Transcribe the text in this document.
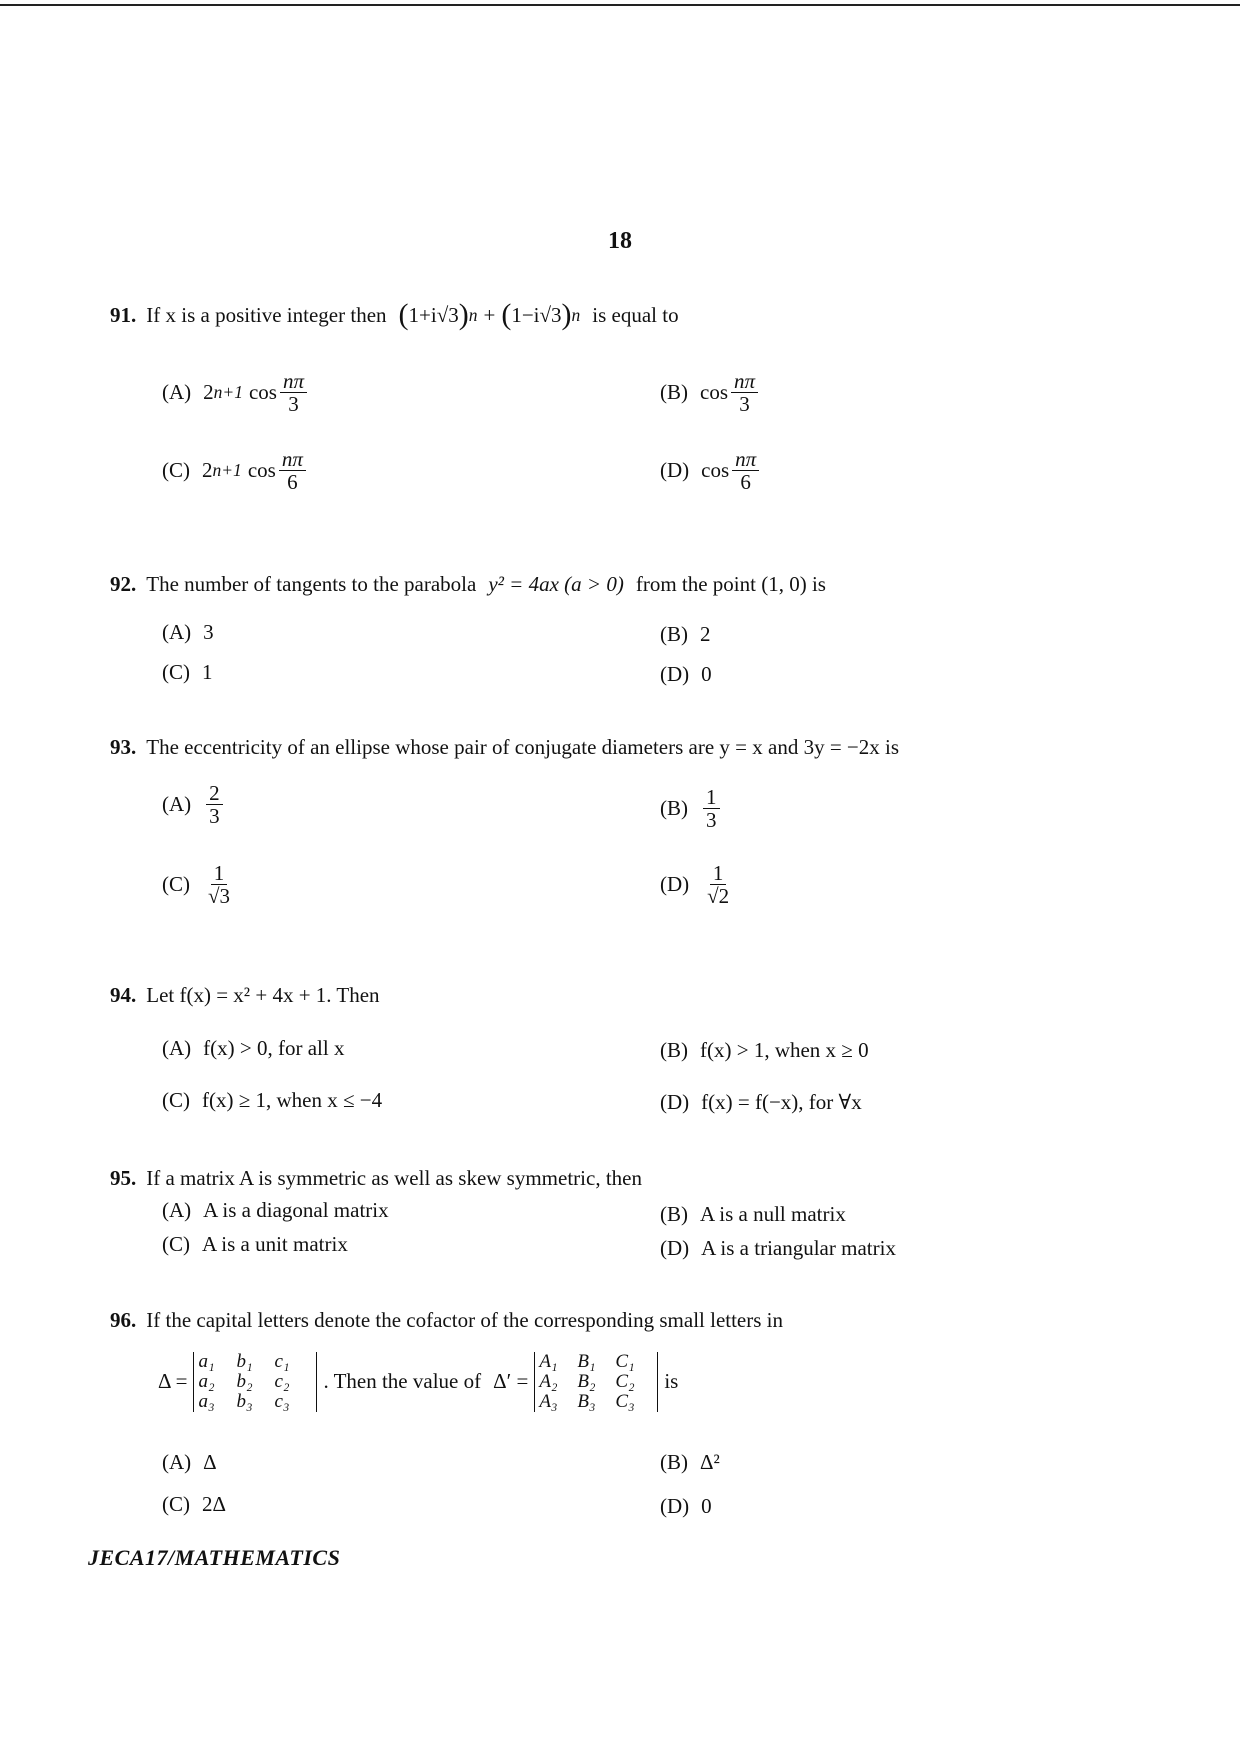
18
91. If x is a positive integer then ( 1+i√3 ) n + ( 1−i√3 ) n is equal to
(A) 2 n+1 $\cos \frac{n\pi}{3}$	(B) $\cos \frac{n\pi}{3}$
(C) 2 n+1 $\cos \frac{n\pi}{6}$	(D) $\cos \frac{n\pi}{6}$
92. The number of tangents to the parabola y² = 4ax (a > 0) from the point (1, 0) is
(A) 3	(B) 2
(C) 1	(D) 0
93. The eccentricity of an ellipse whose pair of conjugate diameters are y = x and 3y = −2x is
$(A) \frac{2}{3}$	$(B) \frac{1}{3}$
$(C) \frac{1}{√3}$	$(D) \frac{1}{√2}$
94. Let f(x) = x² + 4x + 1. Then
(A) f(x) > 0, for all x	(B) f(x) > 1, when x ≥ 0
(C) f(x) ≥ 1, when x ≤ −4	(D) f(x) = f(−x), for ∀x
95. If a matrix A is symmetric as well as skew symmetric, then
(A) A is a diagonal matrix	(B) A is a null matrix
(C) A is a unit matrix	(D) A is a triangular matrix
96. If the capital letters denote the cofactor of the corresponding small letters in
Δ =
a₁	b₁	c₁
a₂	b₂	c₂
a₃	b₃	c₃
. Then the value of Δ′ =
A₁	B₁	C₁
A₂	B₂	C₂
A₃	B₃	C₃
is
(A) Δ	(B) Δ²
(C) 2Δ	(D) 0
JECA17/MATHEMATICS
